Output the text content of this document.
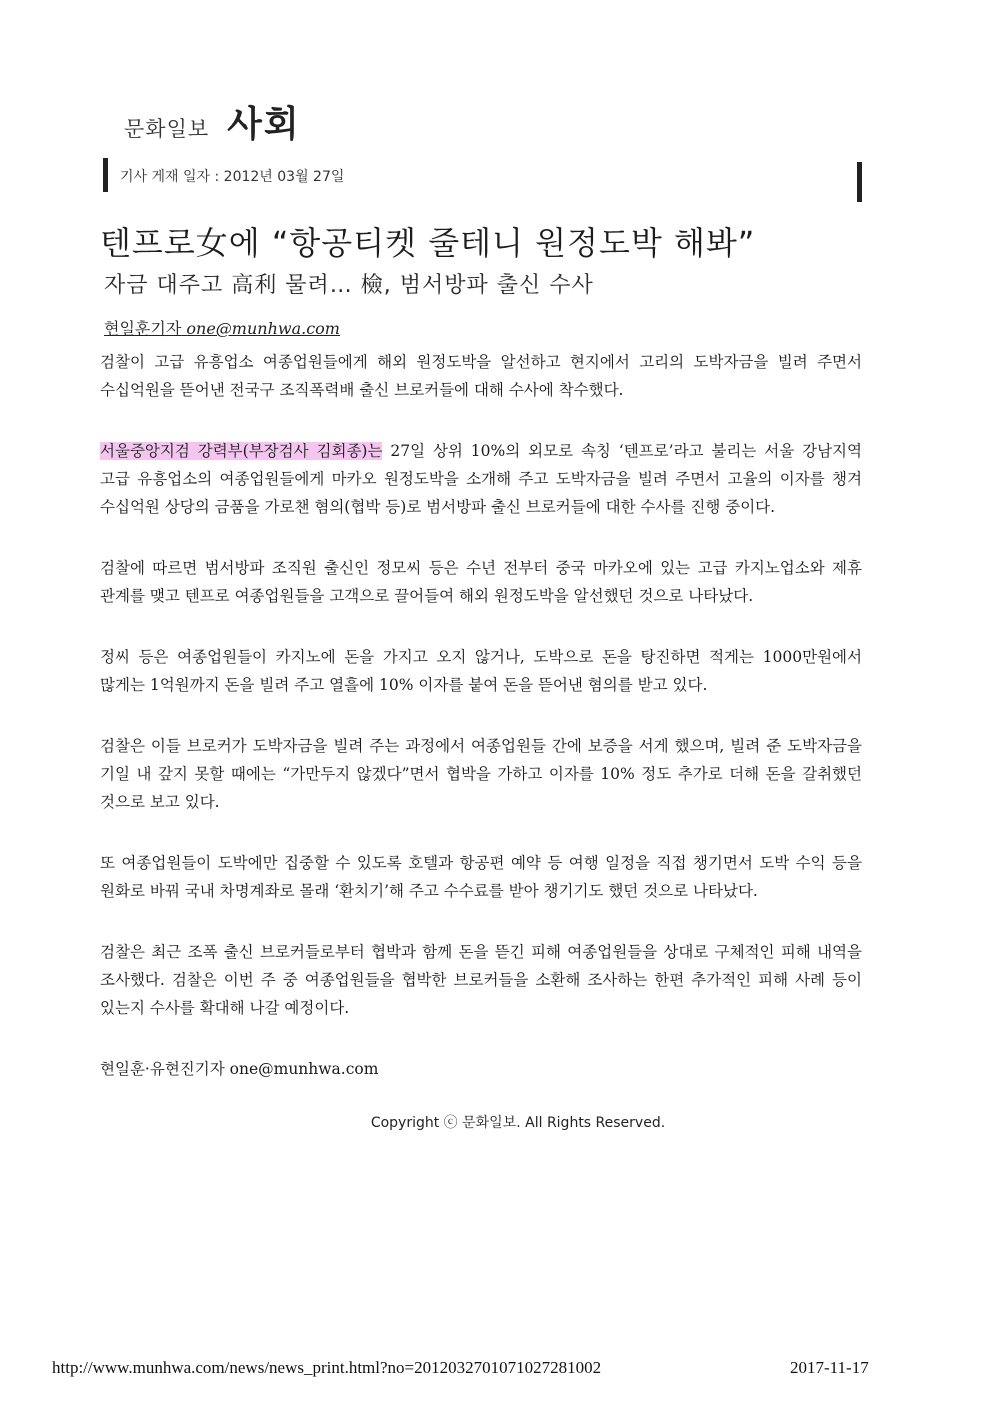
문화일보 사회
기사 게재 일자 : 2012년 03월 27일
텐프로女에 “항공티켓 줄테니 원정도박 해봐”
자금 대주고 高利 물려… 檢, 범서방파 출신 수사
현일훈기자 one@munhwa.com

검찰이 고급 유흥업소 여종업원들에게 해외 원정도박을 알선하고 현지에서 고리의 도박자금을 빌려 주면서 수십억원을 뜯어낸 전국구 조직폭력배 출신 브로커들에 대해 수사에 착수했다.

서울중앙지검 강력부(부장검사 김회종)는 27일 상위 10%의 외모로 속칭 ‘텐프로’라고 불리는 서울 강남지역 고급 유흥업소의 여종업원들에게 마카오 원정도박을 소개해 주고 도박자금을 빌려 주면서 고율의 이자를 챙겨 수십억원 상당의 금품을 가로챈 혐의(협박 등)로 범서방파 출신 브로커들에 대한 수사를 진행 중이다.

검찰에 따르면 범서방파 조직원 출신인 정모씨 등은 수년 전부터 중국 마카오에 있는 고급 카지노업소와 제휴 관계를 맺고 텐프로 여종업원들을 고객으로 끌어들여 해외 원정도박을 알선했던 것으로 나타났다.

정씨 등은 여종업원들이 카지노에 돈을 가지고 오지 않거나, 도박으로 돈을 탕진하면 적게는 1000만원에서 많게는 1억원까지 돈을 빌려 주고 열흘에 10% 이자를 붙여 돈을 뜯어낸 혐의를 받고 있다.

검찰은 이들 브로커가 도박자금을 빌려 주는 과정에서 여종업원들 간에 보증을 서게 했으며, 빌려 준 도박자금을 기일 내 갚지 못할 때에는 “가만두지 않겠다”면서 협박을 가하고 이자를 10% 정도 추가로 더해 돈을 갈취했던 것으로 보고 있다.

또 여종업원들이 도박에만 집중할 수 있도록 호텔과 항공편 예약 등 여행 일정을 직접 챙기면서 도박 수익 등을 원화로 바꿔 국내 차명계좌로 몰래 ‘환치기’해 주고 수수료를 받아 챙기기도 했던 것으로 나타났다.

검찰은 최근 조폭 출신 브로커들로부터 협박과 함께 돈을 뜯긴 피해 여종업원들을 상대로 구체적인 피해 내역을 조사했다. 검찰은 이번 주 중 여종업원들을 협박한 브로커들을 소환해 조사하는 한편 추가적인 피해 사례 등이 있는지 수사를 확대해 나갈 예정이다.

현일훈·유현진기자 one@munhwa.com

Copyright ⓒ 문화일보. All Rights Reserved.
http://www.munhwa.com/news/news_print.html?no=2012032701071027281002	2017-11-17
